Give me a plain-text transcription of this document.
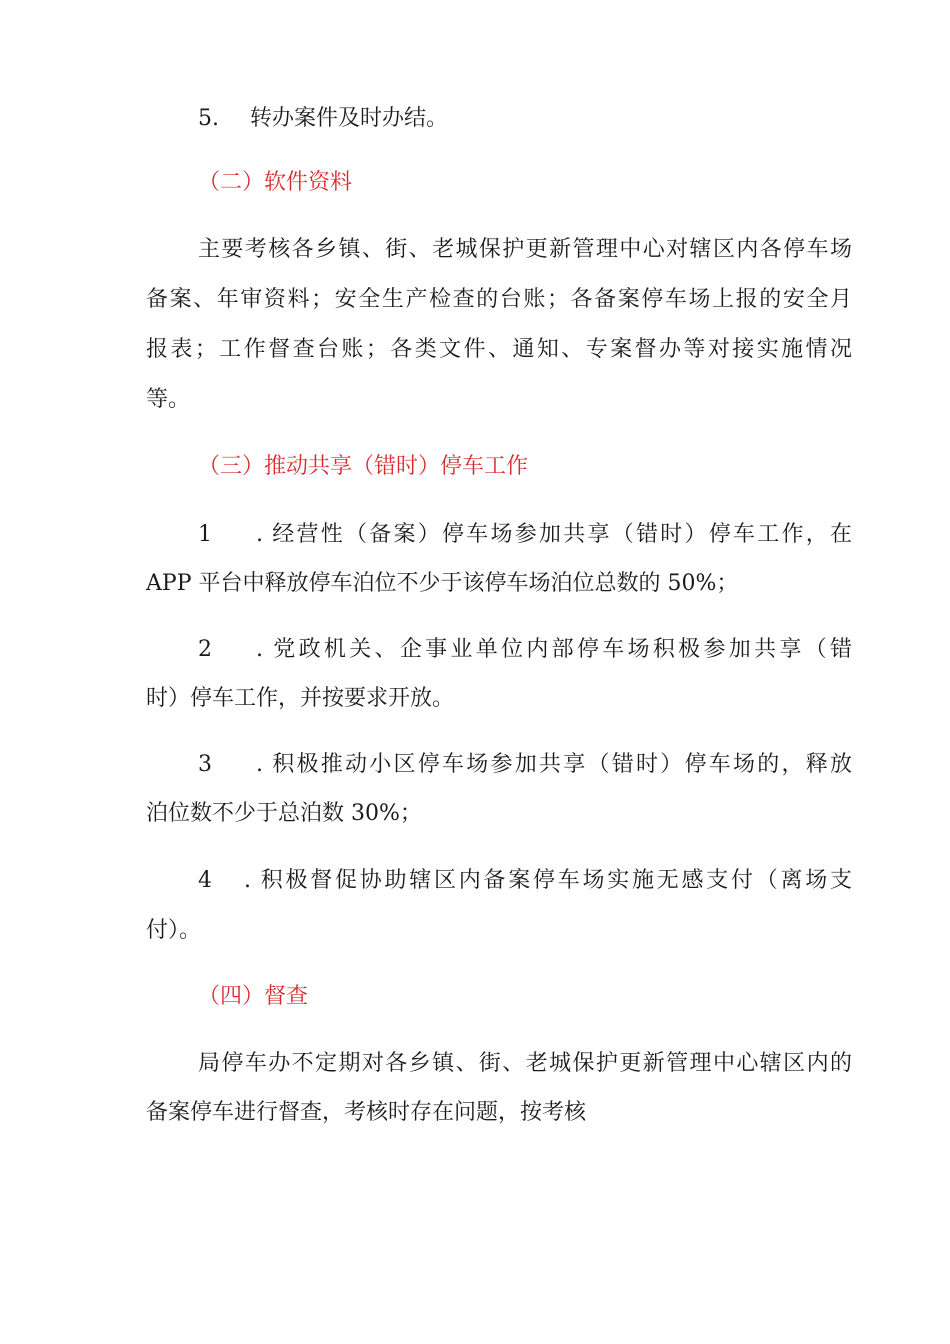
5. 转办案件及时办结。
（二）软件资料
主要考核各乡镇、街、老城保护更新管理中心对辖区内各停车场
备案、年审资料；安全生产检查的台账；各备案停车场上报的安全月
报表；工作督查台账；各类文件、通知、专案督办等对接实施情况
等。
（三）推动共享（错时）停车工作
1 . 经营性（备案）停车场参加共享（错时）停车工作，在
APP 平台中释放停车泊位不少于该停车场泊位总数的 50%；
2 . 党政机关、企事业单位内部停车场积极参加共享（错
时）停车工作，并按要求开放。
3 . 积极推动小区停车场参加共享（错时）停车场的，释放
泊位数不少于总泊数 30%；
4 . 积极督促协助辖区内备案停车场实施无感支付（离场支
付）。
（四）督查
局停车办不定期对各乡镇、街、老城保护更新管理中心辖区内的
备案停车进行督查，考核时存在问题，按考核
